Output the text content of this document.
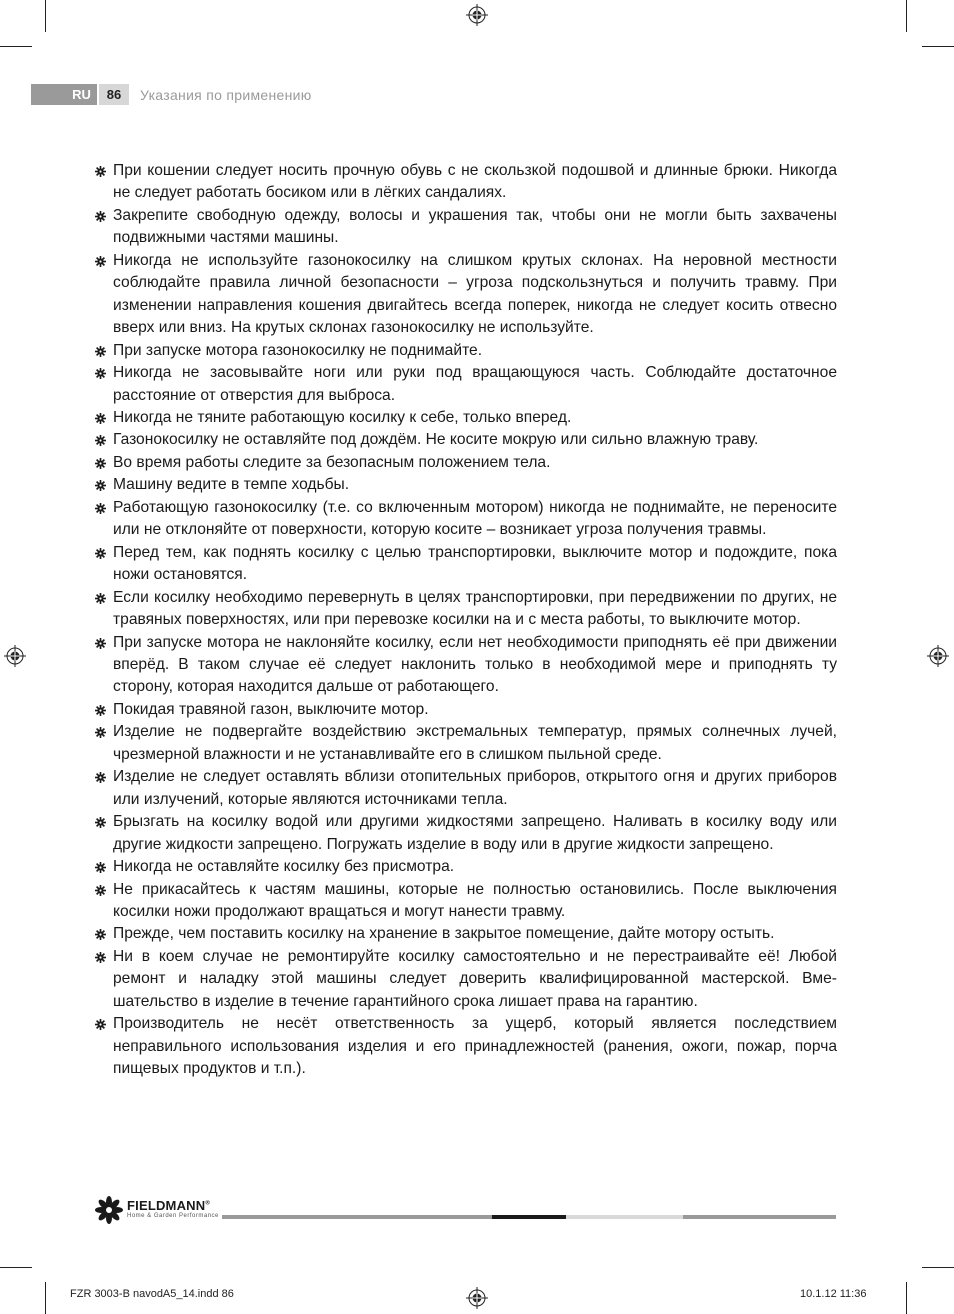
RU	86	Указания по применению
При кошении следует носить прочную обувь с не скользкой подошвой и длинные брюки. Никогда не следует работать босиком или в лёгких сандалиях.
Закрепите свободную одежду, волосы и украшения так, чтобы они не могли быть захвачены подвижными частями машины.
Никогда не используйте газонокосилку на слишком крутых склонах. На неровной местности соблюдайте правила личной безопасности – угроза подскользнуться и получить травму. При изменении направления кошения двигайтесь всегда поперек, никогда не следует косить отвесно вверх или вниз. На крутых склонах газонокосилку не используйте.
При запуске мотора газонокосилку не поднимайте.
Никогда не засовывайте ноги или руки под вращающуюся часть. Соблюдайте достаточное расстояние от отверстия для выброса.
Никогда не тяните работающую косилку к себе, только вперед.
Газонокосилку не оставляйте под дождём. Не косите мокрую или сильно влажную траву.
Во время работы следите за безопасным положением тела.
Машину ведите в темпе ходьбы.
Работающую газонокосилку (т.е. со включенным мотором) никогда не поднимайте, не переносите или не отклоняйте от поверхности, которую косите – возникает угроза получения травмы.
Перед тем, как поднять косилку с целью транспортировки, выключите мотор и подождите, пока ножи остановятся.
Если косилку необходимо перевернуть в целях транспортировки, при передвижении по других, не травяных поверхностях, или при перевозке косилки на и с места работы, то выключите мотор.
При запуске мотора не наклоняйте косилку, если нет необходимости приподнять её при движении вперёд. В таком случае её следует наклонить только в необходимой мере и приподнять ту сторону, которая находится дальше от работающего.
Покидая травяной газон, выключите мотор.
Изделие не подвергайте воздействию экстремальных температур, прямых солнечных лучей, чрезмерной влажности и не устанавливайте его в слишком пыльной среде.
Изделие не следует оставлять вблизи отопительных приборов, открытого огня и других приборов или излучений, которые являются источниками тепла.
Брызгать на косилку водой или другими жидкостями запрещено. Наливать в косилку воду или другие жидкости запрещено. Погружать изделие в воду или в другие жидкости запрещено.
Никогда не оставляйте косилку без присмотра.
Не прикасайтесь к частям машины, которые не полностью остановились. После выключения косилки ножи продолжают вращаться и могут нанести травму.
Прежде, чем поставить косилку на хранение в закрытое помещение, дайте мотору остыть.
Ни в коем случае не ремонтируйте косилку самостоятельно и не перестраивайте её! Любой ремонт и наладку этой машины следует доверить квалифицированной мастерской. Вмешательство в изделие в течение гарантийного срока лишает права на гарантию.
Производитель не несёт ответственность за ущерб, который является последствием неправильного использования изделия и его принадлежностей (ранения, ожоги, пожар, порча пищевых продуктов и т.п.).
FIELDMANN®
Home & Garden Performance
FZR 3003-B navodA5_14.indd 86	10.1.12 11:36
